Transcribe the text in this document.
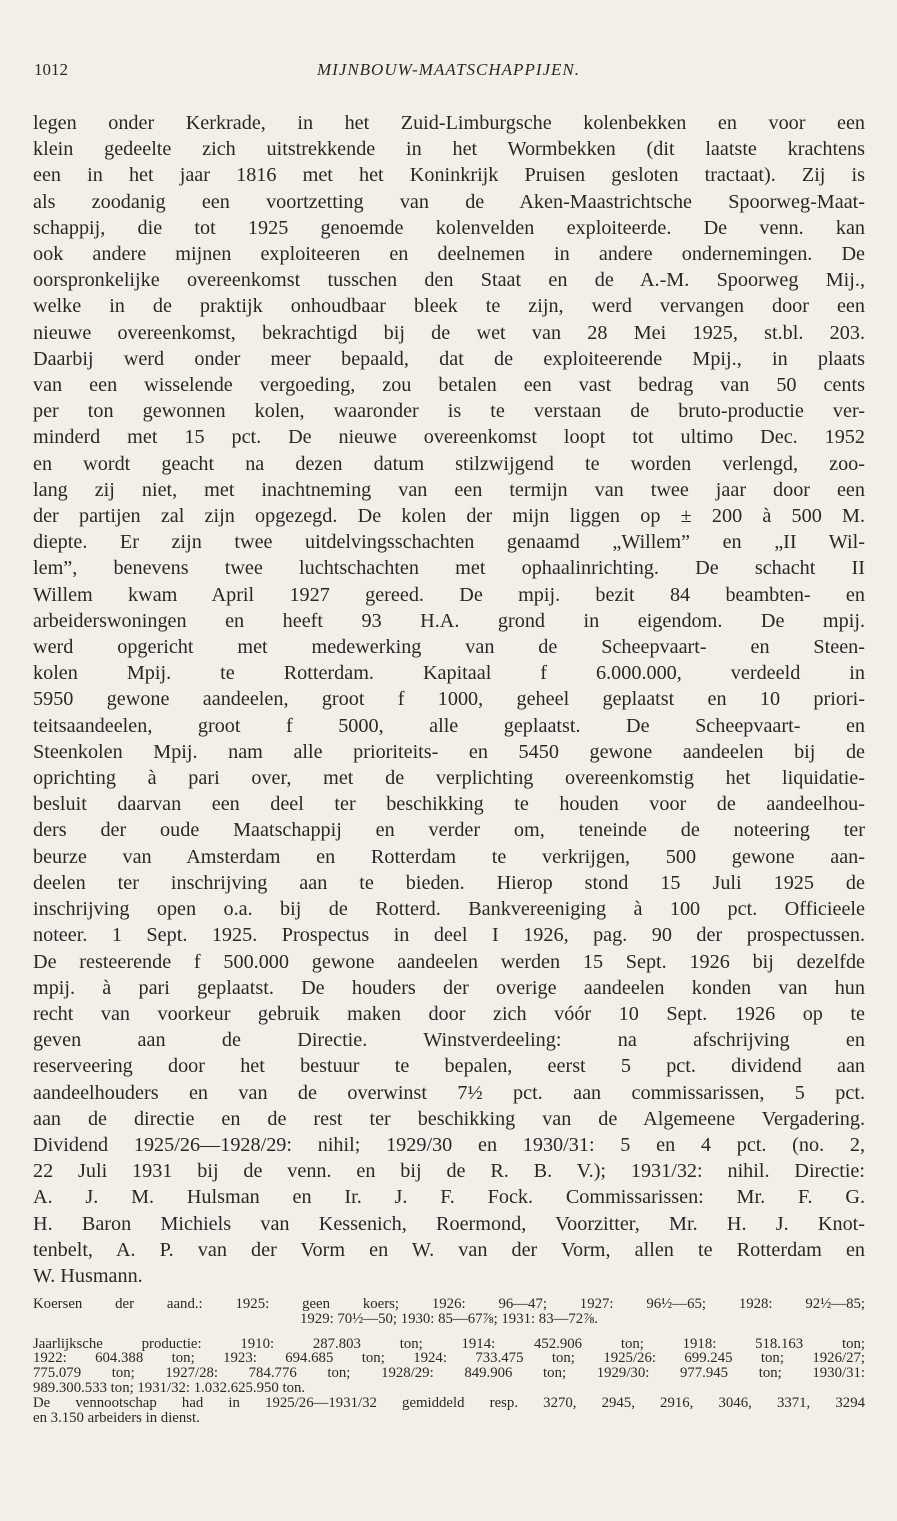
1012	MIJNBOUW-MAATSCHAPPIJEN.
legen onder Kerkrade, in het Zuid-Limburgsche kolenbekken en voor een
klein gedeelte zich uitstrekkende in het Wormbekken (dit laatste krachtens
een in het jaar 1816 met het Koninkrijk Pruisen gesloten tractaat). Zij is
als zoodanig een voortzetting van de Aken-Maastrichtsche Spoorweg-Maat-
schappij, die tot 1925 genoemde kolenvelden exploiteerde. De venn. kan
ook andere mijnen exploiteeren en deelnemen in andere ondernemingen. De
oorspronkelijke overeenkomst tusschen den Staat en de A.-M. Spoorweg Mij.,
welke in de praktijk onhoudbaar bleek te zijn, werd vervangen door een
nieuwe overeenkomst, bekrachtigd bij de wet van 28 Mei 1925, st.bl. 203.
Daarbij werd onder meer bepaald, dat de exploiteerende Mpij., in plaats
van een wisselende vergoeding, zou betalen een vast bedrag van 50 cents
per ton gewonnen kolen, waaronder is te verstaan de bruto-productie ver-
minderd met 15 pct. De nieuwe overeenkomst loopt tot ultimo Dec. 1952
en wordt geacht na dezen datum stilzwijgend te worden verlengd, zoo-
lang zij niet, met inachtneming van een termijn van twee jaar door een
der partijen zal zijn opgezegd. De kolen der mijn liggen op ± 200 à 500 M.
diepte. Er zijn twee uitdelvingsschachten genaamd „Willem” en „II Wil-
lem”, benevens twee luchtschachten met ophaalinrichting. De schacht II
Willem kwam April 1927 gereed. De mpij. bezit 84 beambten- en
arbeiderswoningen en heeft 93 H.A. grond in eigendom. De mpij.
werd opgericht met medewerking van de Scheepvaart- en Steen-
kolen Mpij. te Rotterdam. Kapitaal f 6.000.000, verdeeld in
5950 gewone aandeelen, groot f 1000, geheel geplaatst en 10 priori-
teitsaandeelen, groot f 5000, alle geplaatst. De Scheepvaart- en
Steenkolen Mpij. nam alle prioriteits- en 5450 gewone aandeelen bij de
oprichting à pari over, met de verplichting overeenkomstig het liquidatie-
besluit daarvan een deel ter beschikking te houden voor de aandeelhou-
ders der oude Maatschappij en verder om, teneinde de noteering ter
beurze van Amsterdam en Rotterdam te verkrijgen, 500 gewone aan-
deelen ter inschrijving aan te bieden. Hierop stond 15 Juli 1925 de
inschrijving open o.a. bij de Rotterd. Bankvereeniging à 100 pct. Officieele
noteer. 1 Sept. 1925. Prospectus in deel I 1926, pag. 90 der prospectussen.
De resteerende f 500.000 gewone aandeelen werden 15 Sept. 1926 bij dezelfde
mpij. à pari geplaatst. De houders der overige aandeelen konden van hun
recht van voorkeur gebruik maken door zich vóór 10 Sept. 1926 op te
geven aan de Directie. Winstverdeeling: na afschrijving en
reserveering door het bestuur te bepalen, eerst 5 pct. dividend aan
aandeelhouders en van de overwinst 7½ pct. aan commissarissen, 5 pct.
aan de directie en de rest ter beschikking van de Algemeene Vergadering.
Dividend 1925/26—1928/29: nihil; 1929/30 en 1930/31: 5 en 4 pct. (no. 2,
22 Juli 1931 bij de venn. en bij de R. B. V.); 1931/32: nihil. Directie:
A. J. M. Hulsman en Ir. J. F. Fock. Commissarissen: Mr. F. G.
H. Baron Michiels van Kessenich, Roermond, Voorzitter, Mr. H. J. Knot-
tenbelt, A. P. van der Vorm en W. van der Vorm, allen te Rotterdam en
W. Husmann.
Koersen der aand.: 1925: geen koers; 1926: 96—47; 1927: 96½—65; 1928: 92½—85;
1929: 70½—50; 1930: 85—67⅞; 1931: 83—72⅞.
Jaarlijksche productie: 1910: 287.803 ton; 1914: 452.906 ton; 1918: 518.163 ton;
1922: 604.388 ton; 1923: 694.685 ton; 1924: 733.475 ton; 1925/26: 699.245 ton; 1926/27;
775.079 ton; 1927/28: 784.776 ton; 1928/29: 849.906 ton; 1929/30: 977.945 ton; 1930/31:
989.300.533 ton; 1931/32: 1.032.625.950 ton.
De vennootschap had in 1925/26—1931/32 gemiddeld resp. 3270, 2945, 2916, 3046, 3371, 3294
en 3.150 arbeiders in dienst.
